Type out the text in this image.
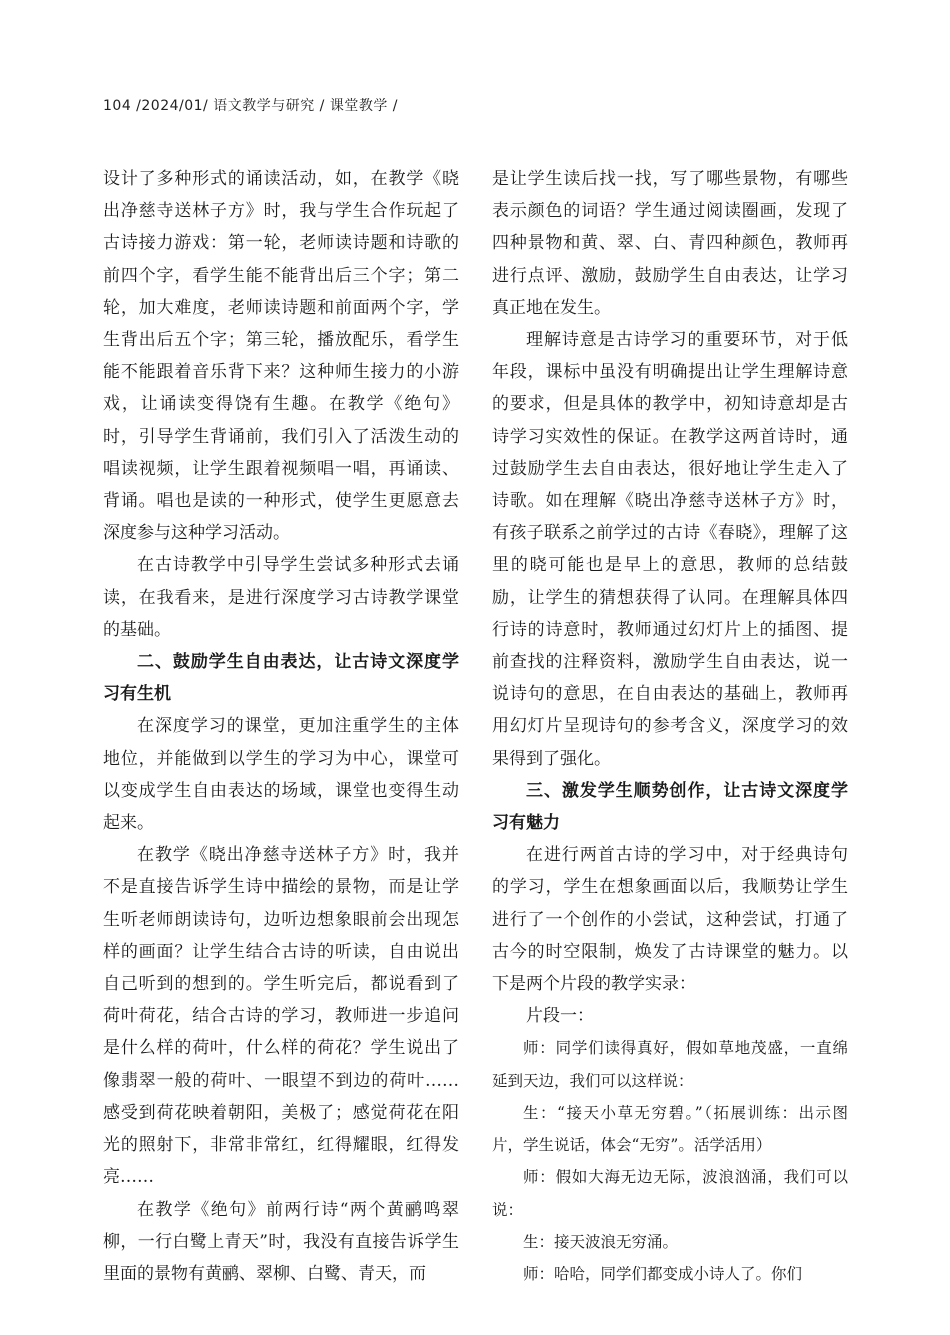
104 /2024/01/ 语文教学与研究 / 课堂教学 /

设计了多种形式的诵读活动，如，在教学《晓出净慈寺送林子方》时，我与学生合作玩起了古诗接力游戏：第一轮，老师读诗题和诗歌的前四个字，看学生能不能背出后三个字；第二轮，加大难度，老师读诗题和前面两个字，学生背出后五个字；第三轮，播放配乐，看学生能不能跟着音乐背下来？这种师生接力的小游戏，让诵读变得饶有生趣。在教学《绝句》时，引导学生背诵前，我们引入了活泼生动的唱读视频，让学生跟着视频唱一唱，再诵读、背诵。唱也是读的一种形式，使学生更愿意去深度参与这种学习活动。

在古诗教学中引导学生尝试多种形式去诵读，在我看来，是进行深度学习古诗教学课堂的基础。

二、鼓励学生自由表达，让古诗文深度学习有生机

在深度学习的课堂，更加注重学生的主体地位，并能做到以学生的学习为中心，课堂可以变成学生自由表达的场域，课堂也变得生动起来。

在教学《晓出净慈寺送林子方》时，我并不是直接告诉学生诗中描绘的景物，而是让学生听老师朗读诗句，边听边想象眼前会出现怎样的画面？让学生结合古诗的听读，自由说出自己听到的想到的。学生听完后，都说看到了荷叶荷花，结合古诗的学习，教师进一步追问是什么样的荷叶，什么样的荷花？学生说出了像翡翠一般的荷叶、一眼望不到边的荷叶……感受到荷花映着朝阳，美极了；感觉荷花在阳光的照射下，非常非常红，红得耀眼，红得发亮……

在教学《绝句》前两行诗“两个黄鹂鸣翠柳，一行白鹭上青天”时，我没有直接告诉学生里面的景物有黄鹂、翠柳、白鹭、青天，而

是让学生读后找一找，写了哪些景物，有哪些表示颜色的词语？学生通过阅读圈画，发现了四种景物和黄、翠、白、青四种颜色，教师再进行点评、激励，鼓励学生自由表达，让学习真正地在发生。

理解诗意是古诗学习的重要环节，对于低年段，课标中虽没有明确提出让学生理解诗意的要求，但是具体的教学中，初知诗意却是古诗学习实效性的保证。在教学这两首诗时，通过鼓励学生去自由表达，很好地让学生走入了诗歌。如在理解《晓出净慈寺送林子方》时，有孩子联系之前学过的古诗《春晓》，理解了这里的晓可能也是早上的意思，教师的总结鼓励，让学生的猜想获得了认同。在理解具体四行诗的诗意时，教师通过幻灯片上的插图、提前查找的注释资料，激励学生自由表达，说一说诗句的意思，在自由表达的基础上，教师再用幻灯片呈现诗句的参考含义，深度学习的效果得到了强化。

三、激发学生顺势创作，让古诗文深度学习有魅力

在进行两首古诗的学习中，对于经典诗句的学习，学生在想象画面以后，我顺势让学生进行了一个创作的小尝试，这种尝试，打通了古今的时空限制，焕发了古诗课堂的魅力。以下是两个片段的教学实录：

片段一：

师：同学们读得真好，假如草地茂盛，一直绵延到天边，我们可以这样说：

生：“接天小草无穷碧。”（拓展训练：出示图片，学生说话，体会“无穷”。活学活用）

师：假如大海无边无际，波浪汹涌，我们可以说：

生：接天波浪无穷涌。

师：哈哈，同学们都变成小诗人了。你们
